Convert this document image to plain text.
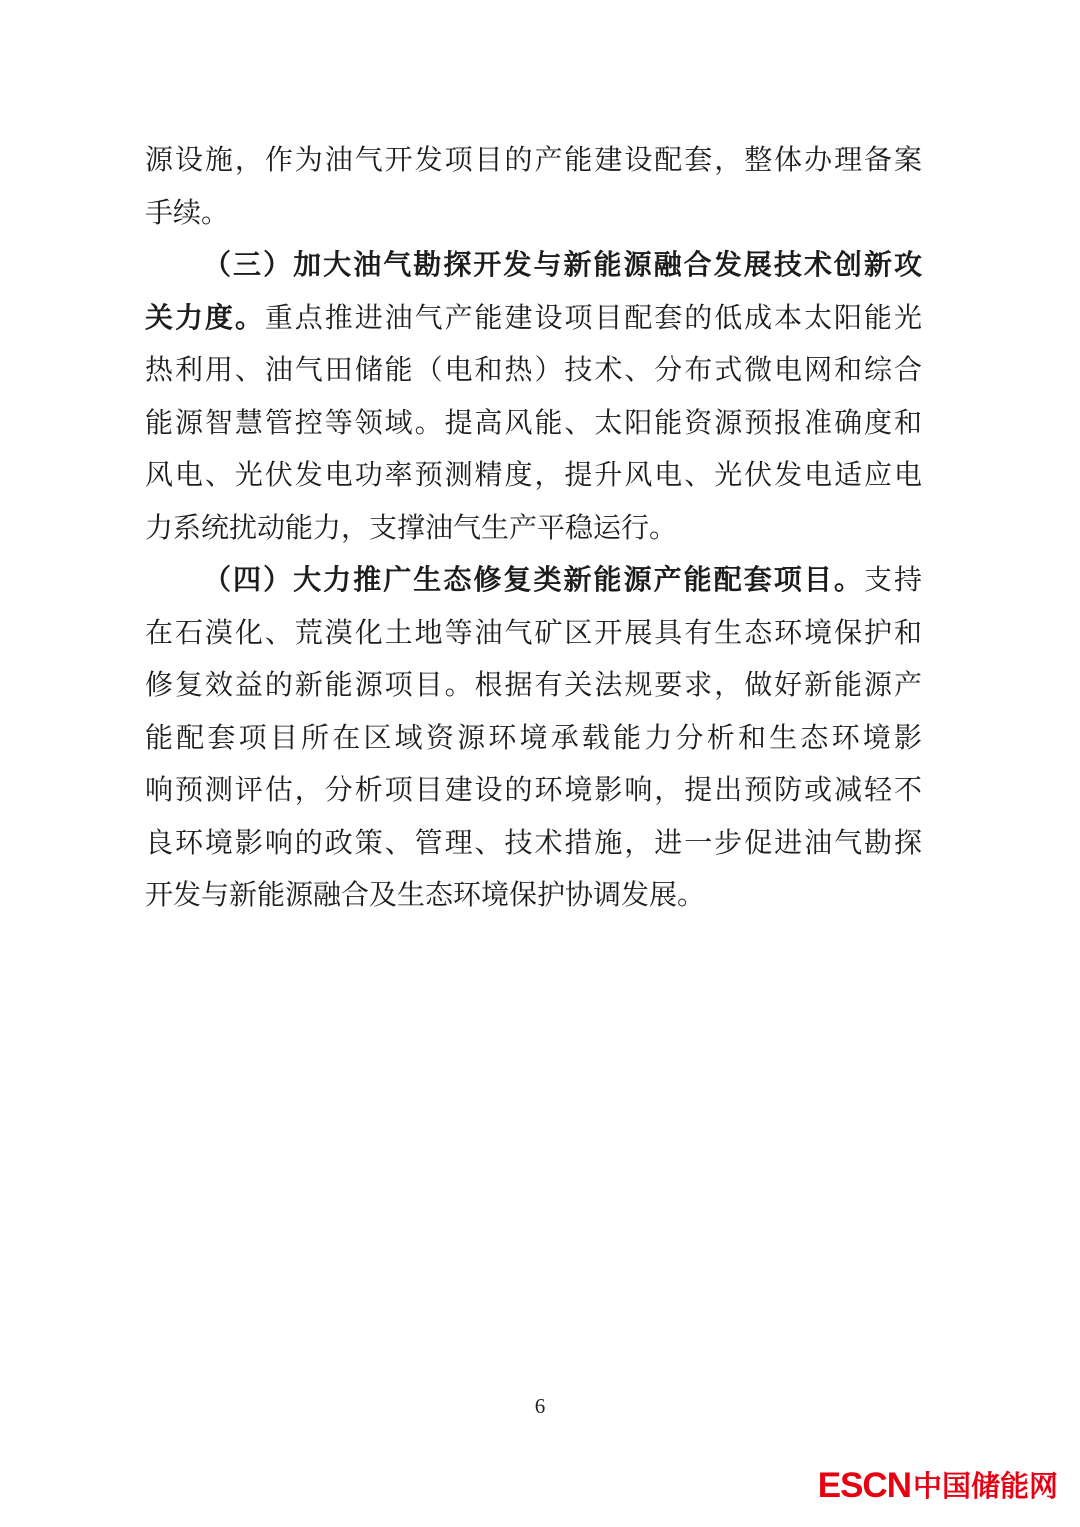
源设施，作为油气开发项目的产能建设配套，整体办理备案
手续。
（三）加大油气勘探开发与新能源融合发展技术创新攻
关力度。重点推进油气产能建设项目配套的低成本太阳能光
热利用、油气田储能（电和热）技术、分布式微电网和综合
能源智慧管控等领域。提高风能、太阳能资源预报准确度和
风电、光伏发电功率预测精度，提升风电、光伏发电适应电
力系统扰动能力，支撑油气生产平稳运行。
（四）大力推广生态修复类新能源产能配套项目。支持
在石漠化、荒漠化土地等油气矿区开展具有生态环境保护和
修复效益的新能源项目。根据有关法规要求，做好新能源产
能配套项目所在区域资源环境承载能力分析和生态环境影
响预测评估，分析项目建设的环境影响，提出预防或减轻不
良环境影响的政策、管理、技术措施，进一步促进油气勘探
开发与新能源融合及生态环境保护协调发展。
6
ESCN中国储能网
